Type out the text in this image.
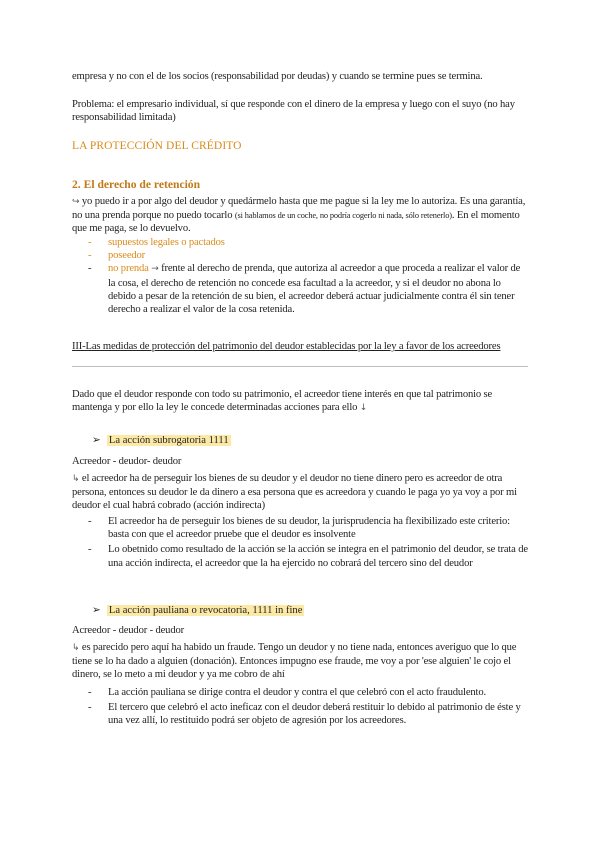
empresa y no con el de los socios (responsabilidad por deudas) y cuando se termine pues se termina.

Problema: el empresario individual, sí que responde con el dinero de la empresa y luego con el suyo (no hay responsabilidad limitada)

LA PROTECCIÓN DEL CRÉDITO
2. El derecho de retención

↪ yo puedo ir a por algo del deudor y quedármelo hasta que me pague si la ley me lo autoriza. Es una garantía, no una prenda porque no puedo tocarlo (si hablamos de un coche, no podría cogerlo ni nada, sólo retenerlo). En el momento que me paga, se lo devuelvo.

- supuestos legales o pactados
- poseedor
- no prenda → frente al derecho de prenda, que autoriza al acreedor a que proceda a realizar el valor de la cosa, el derecho de retención no concede esa facultad a la acreedor, y si el deudor no abona lo debido a pesar de la retención de su bien, el acreedor deberá actuar judicialmente contra él sin tener derecho a realizar el valor de la cosa retenida.
III-Las medidas de protección del patrimonio del deudor establecidas por la ley a favor de los acreedores

Dado que el deudor responde con todo su patrimonio, el acreedor tiene interés en que tal patrimonio se mantenga y por ello la ley le concede determinadas acciones para ello ↓

➢ La acción subrogatoria 1111

Acreedor - deudor- deudor

↳ el acreedor ha de perseguir los bienes de su deudor y el deudor no tiene dinero pero es acreedor de otra persona, entonces su deudor le da dinero a esa persona que es acreedora y cuando le paga yo ya voy a por mi deudor el cual habrá cobrado (acción indirecta)

- El acreedor ha de perseguir los bienes de su deudor, la jurisprudencia ha flexibilizado este criterio: basta con que el acreedor pruebe que el deudor es insolvente
- Lo obetnido como resultado de la acción se la acción se integra en el patrimonio del deudor, se trata de una acción indirecta, el acreedor que la ha ejercido no cobrará del tercero sino del deudor
➢ La acción pauliana o revocatoria, 1111 in fine

Acreedor - deudor - deudor

↳ es parecido pero aquí ha habido un fraude. Tengo un deudor y no tiene nada, entonces averiguo que lo que tiene se lo ha dado a alguien (donación). Entonces impugno ese fraude, me voy a por 'ese alguien' le cojo el dinero, se lo meto a mi deudor y ya me cobro de ahí

- La acción pauliana se dirige contra el deudor y contra el que celebró con el acto fraudulento.
- El tercero que celebró el acto ineficaz con el deudor deberá restituir lo debido al patrimonio de éste y una vez allí, lo restituido podrá ser objeto de agresión por los acreedores.
